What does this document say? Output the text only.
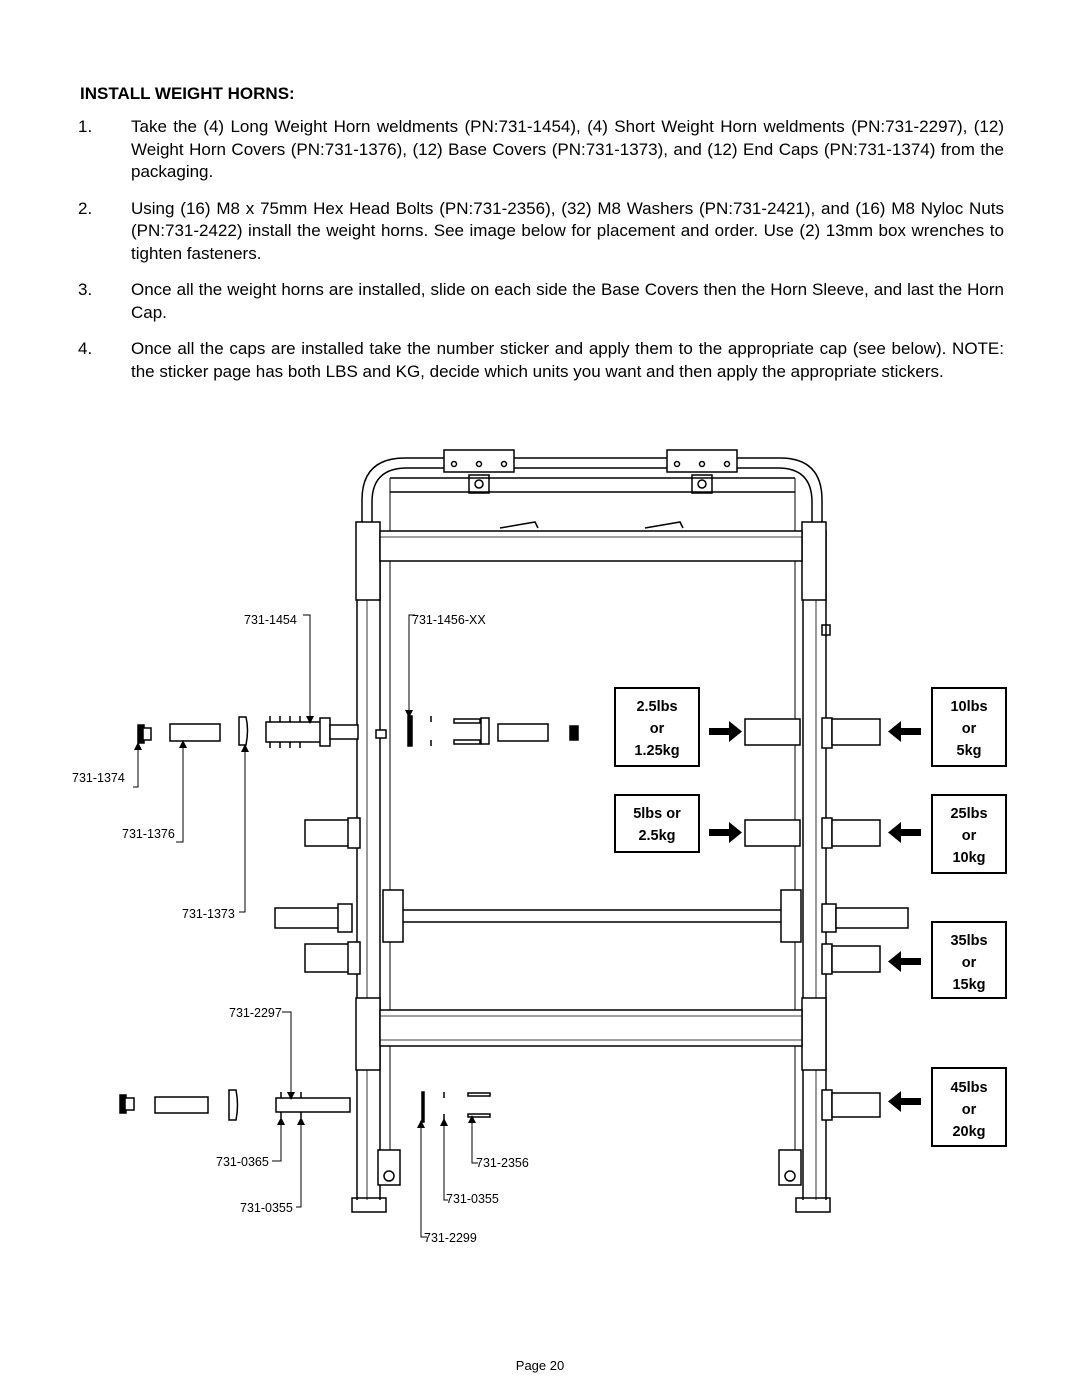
INSTALL WEIGHT HORNS:
1. Take the (4) Long Weight Horn weldments (PN:731-1454), (4) Short Weight Horn weldments (PN:731-2297), (12) Weight Horn Covers (PN:731-1376), (12) Base Covers (PN:731-1373), and (12) End Caps (PN:731-1374) from the packaging.
2. Using (16) M8 x 75mm Hex Head Bolts (PN:731-2356), (32) M8 Washers (PN:731-2421), and (16) M8 Nyloc Nuts (PN:731-2422) install the weight horns. See image below for placement and order. Use (2) 13mm box wrenches to tighten fasteners.
3. Once all the weight horns are installed, slide on each side the Base Covers then the Horn Sleeve, and last the Horn Cap.
4. Once all the caps are installed take the number sticker and apply them to the appropriate cap (see below). NOTE: the sticker page has both LBS and KG, decide which units you want and then apply the appropriate stickers.
731-1454	731-1456-XX
731-1374
731-1376
731-1373
731-2297
731-0365	731-2356
731-0355
731-0355
731-2299
2.5lbs
or
1.25kg
5lbs or
2.5kg
10lbs
or
5kg
25lbs
or
10kg
35lbs
or
15kg
45lbs
or
20kg
Page 20
